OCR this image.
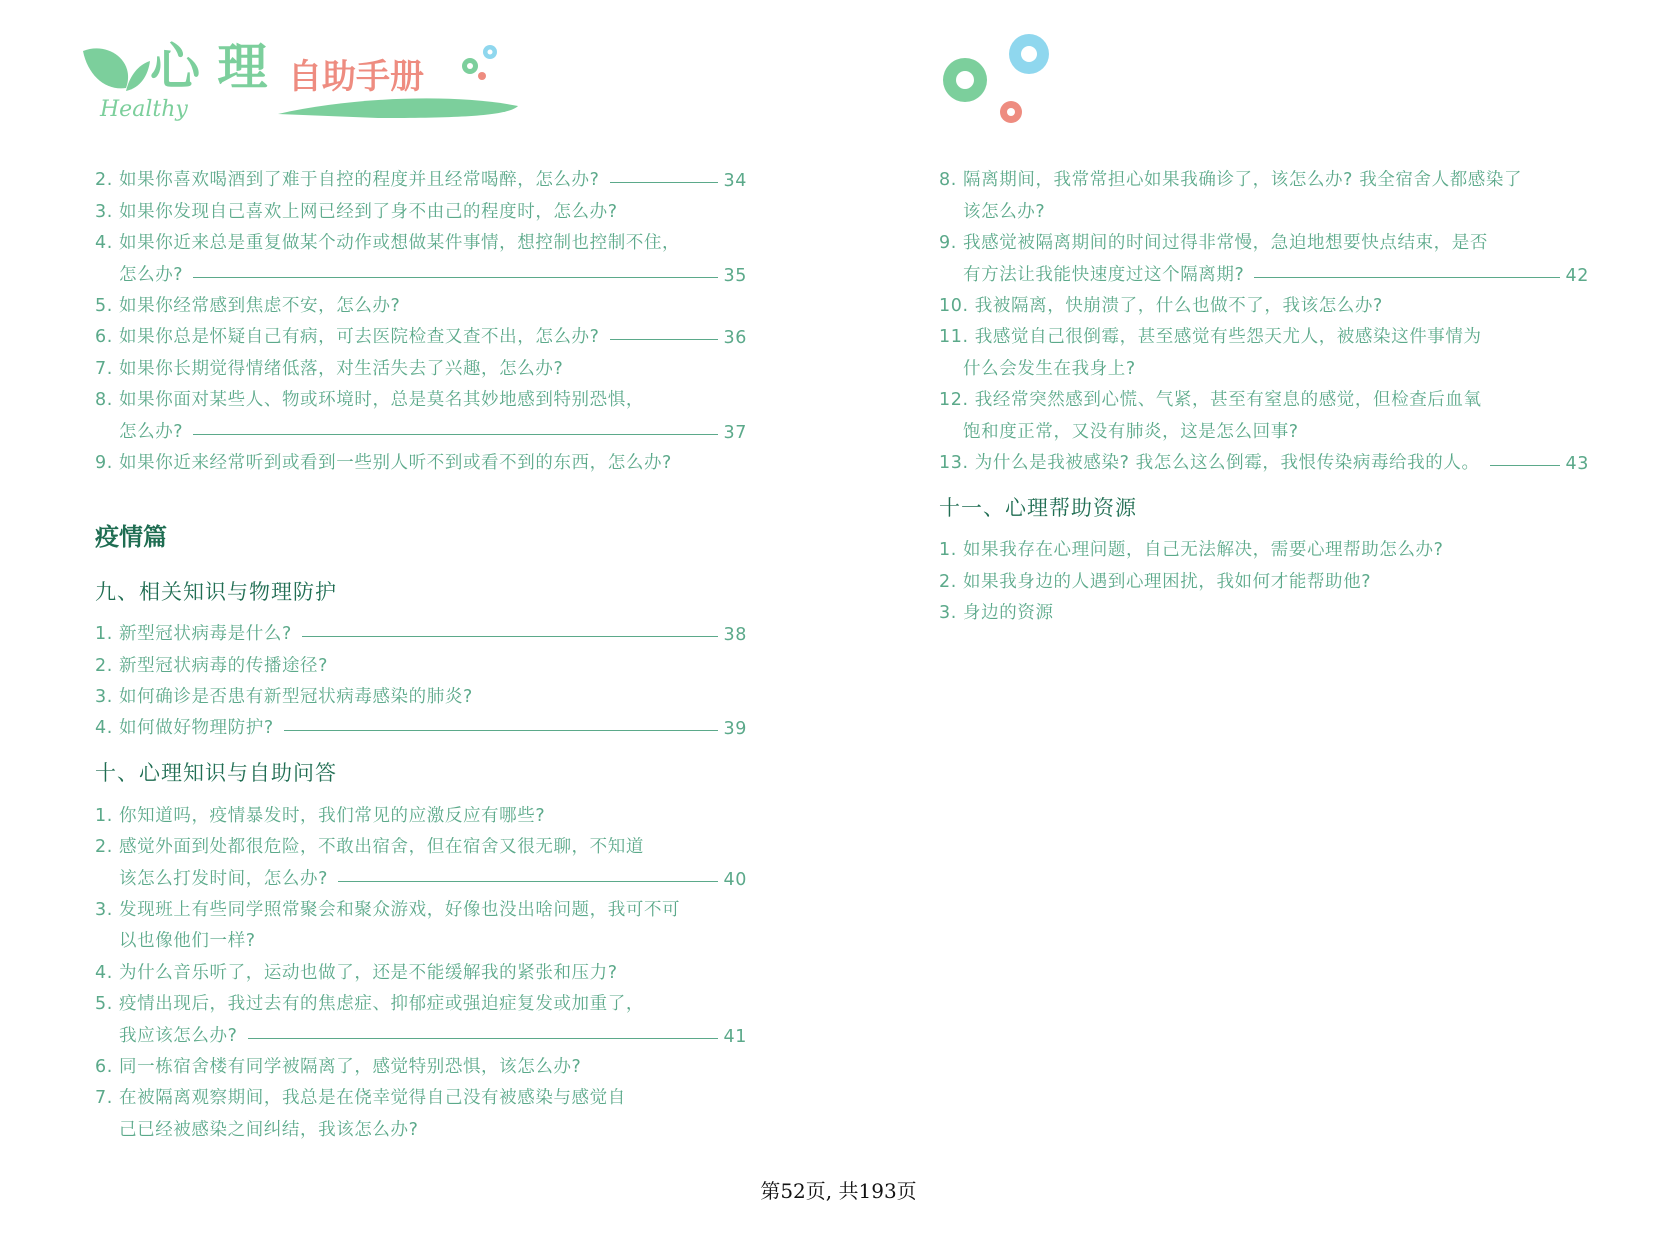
心 理
Healthy
自助手册
2. 如果你喜欢喝酒到了难于自控的程度并且经常喝醉，怎么办?	34
3. 如果你发现自己喜欢上网已经到了身不由己的程度时，怎么办?
4. 如果你近来总是重复做某个动作或想做某件事情，想控制也控制不住，
怎么办?	35
5. 如果你经常感到焦虑不安，怎么办?
6. 如果你总是怀疑自己有病，可去医院检查又查不出，怎么办?	36
7. 如果你长期觉得情绪低落，对生活失去了兴趣，怎么办?
8. 如果你面对某些人、物或环境时，总是莫名其妙地感到特别恐惧，
怎么办?	37
9. 如果你近来经常听到或看到一些别人听不到或看不到的东西，怎么办?
疫情篇
九、相关知识与物理防护
1. 新型冠状病毒是什么?	38
2. 新型冠状病毒的传播途径?
3. 如何确诊是否患有新型冠状病毒感染的肺炎?
4. 如何做好物理防护?	39
十、心理知识与自助问答
1. 你知道吗，疫情暴发时，我们常见的应激反应有哪些?
2. 感觉外面到处都很危险，不敢出宿舍，但在宿舍又很无聊，不知道
该怎么打发时间，怎么办?	40
3. 发现班上有些同学照常聚会和聚众游戏，好像也没出啥问题，我可不可
以也像他们一样?
4. 为什么音乐听了，运动也做了，还是不能缓解我的紧张和压力?
5. 疫情出现后，我过去有的焦虑症、抑郁症或强迫症复发或加重了，
我应该怎么办?	41
6. 同一栋宿舍楼有同学被隔离了，感觉特别恐惧，该怎么办?
7. 在被隔离观察期间，我总是在侥幸觉得自己没有被感染与感觉自
己已经被感染之间纠结，我该怎么办?
8. 隔离期间，我常常担心如果我确诊了，该怎么办? 我全宿舍人都感染了
该怎么办?
9. 我感觉被隔离期间的时间过得非常慢，急迫地想要快点结束，是否
有方法让我能快速度过这个隔离期?	42
10. 我被隔离，快崩溃了，什么也做不了，我该怎么办?
11. 我感觉自己很倒霉，甚至感觉有些怨天尤人，被感染这件事情为
什么会发生在我身上?
12. 我经常突然感到心慌、气紧，甚至有窒息的感觉，但检查后血氧
饱和度正常，又没有肺炎，这是怎么回事?
13. 为什么是我被感染? 我怎么这么倒霉，我恨传染病毒给我的人。	43
十一、心理帮助资源
1. 如果我存在心理问题，自己无法解决，需要心理帮助怎么办?
2. 如果我身边的人遇到心理困扰，我如何才能帮助他?
3. 身边的资源
第52页, 共193页
